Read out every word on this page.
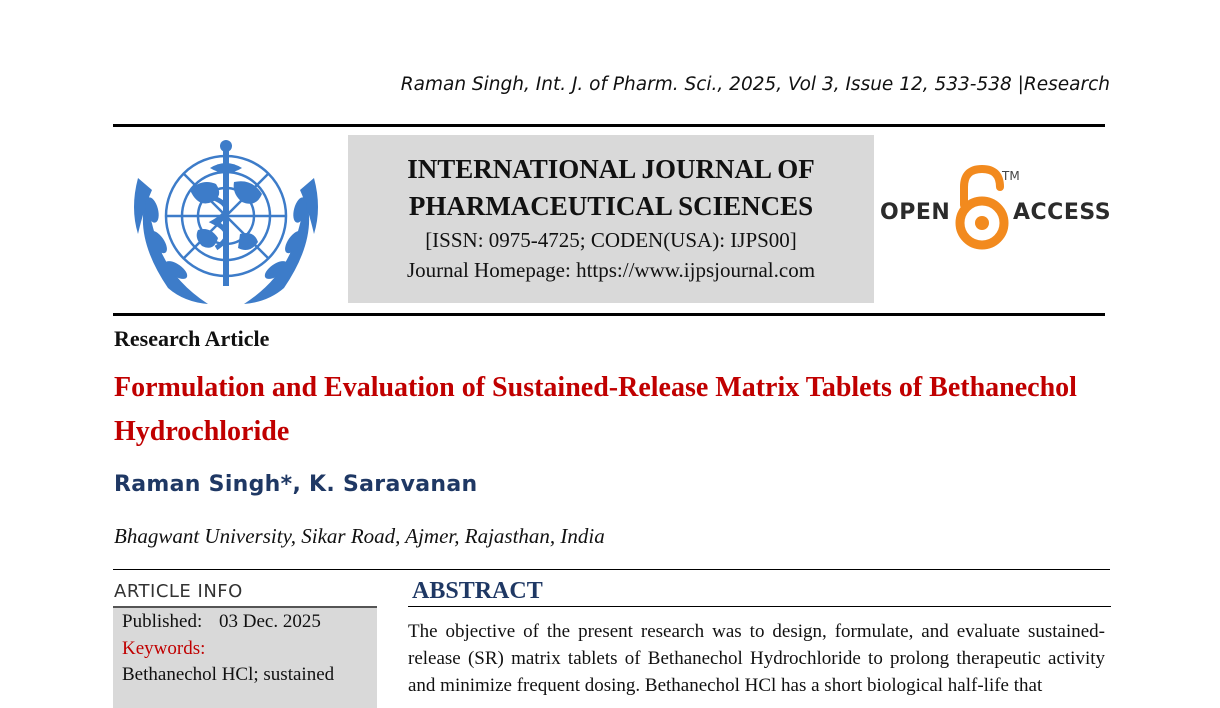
Raman Singh, Int. J. of Pharm. Sci., 2025, Vol 3, Issue 12, 533-538 |Research
INTERNATIONAL JOURNAL OF
PHARMACEUTICAL SCIENCES
[ISSN: 0975-4725; CODEN(USA): IJPS00]
Journal Homepage: https://www.ijpsjournal.com
OPEN
TM
ACCESS
Research Article
Formulation and Evaluation of Sustained-Release Matrix Tablets of Bethanechol Hydrochloride
Raman Singh*, K. Saravanan
Bhagwant University, Sikar Road, Ajmer, Rajasthan, India
ARTICLE INFO
Published: 03 Dec. 2025
Keywords:
Bethanechol HCl; sustained
ABSTRACT
The objective of the present research was to design, formulate, and evaluate sustained-release (SR) matrix tablets of Bethanechol Hydrochloride to prolong therapeutic activity and minimize frequent dosing. Bethanechol HCl has a short biological half-life that
